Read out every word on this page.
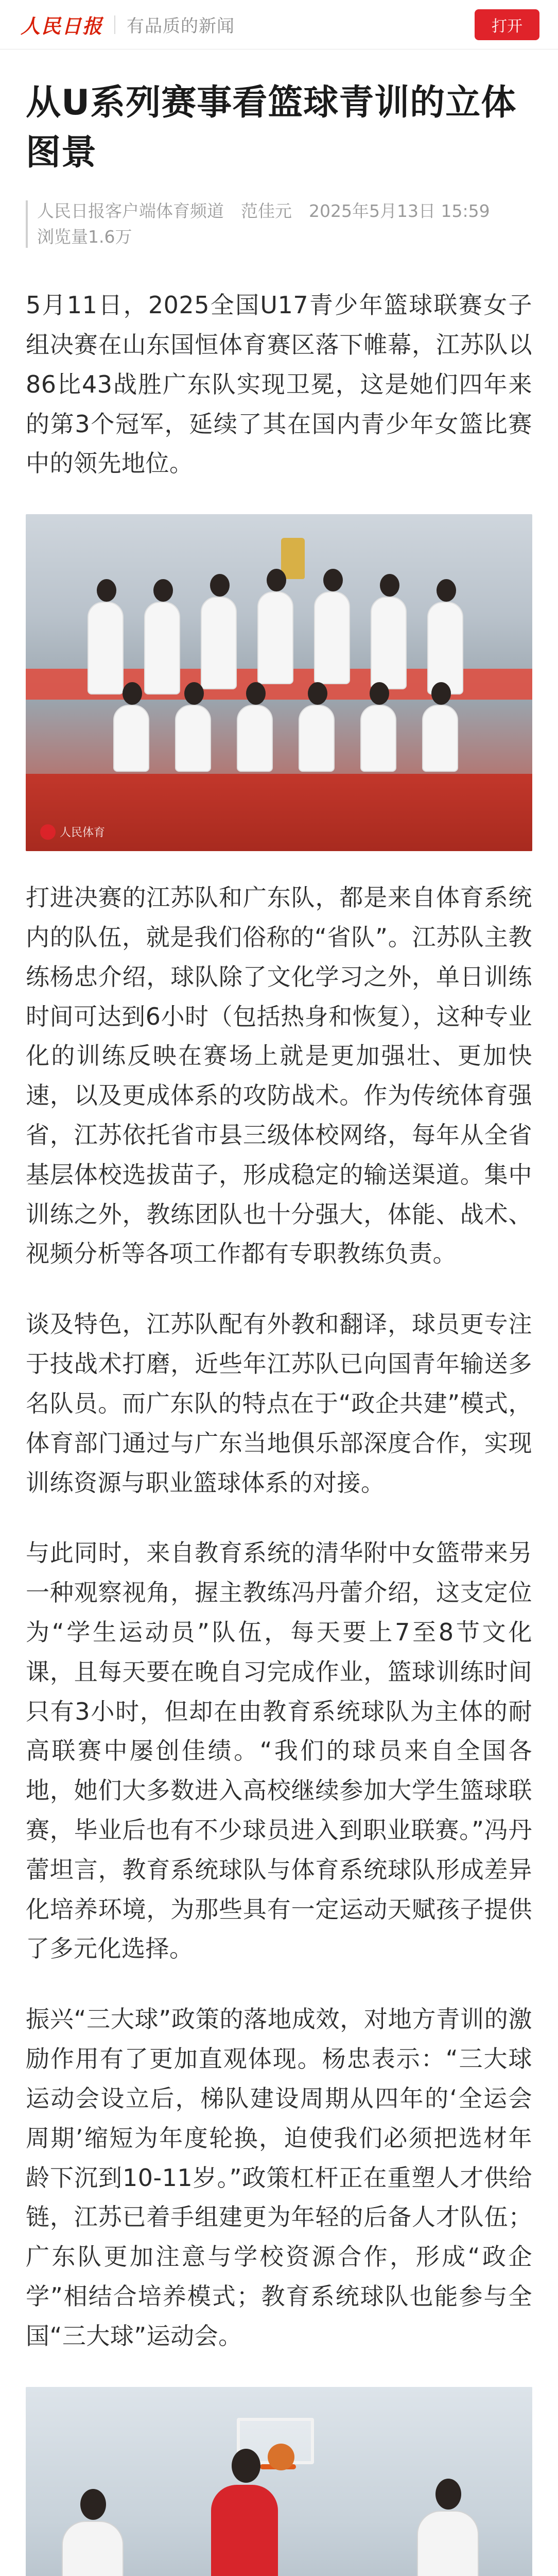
人民日报 有品质的新闻	打开
从U系列赛事看篮球青训的立体图景
人民日报客户端体育频道　范佳元　2025年5月13日 15:59
浏览量1.6万

5月11日，2025全国U17青少年篮球联赛女子组决赛在山东国恒体育赛区落下帷幕，江苏队以86比43战胜广东队实现卫冕，这是她们四年来的第3个冠军，延续了其在国内青少年女篮比赛中的领先地位。

人民体育

打进决赛的江苏队和广东队，都是来自体育系统内的队伍，就是我们俗称的“省队”。江苏队主教练杨忠介绍，球队除了文化学习之外，单日训练时间可达到6小时（包括热身和恢复），这种专业化的训练反映在赛场上就是更加强壮、更加快速，以及更成体系的攻防战术。作为传统体育强省，江苏依托省市县三级体校网络，每年从全省基层体校选拔苗子，形成稳定的输送渠道。集中训练之外，教练团队也十分强大，体能、战术、视频分析等各项工作都有专职教练负责。

谈及特色，江苏队配有外教和翻译，球员更专注于技战术打磨，近些年江苏队已向国青年输送多名队员。而广东队的特点在于“政企共建”模式，体育部门通过与广东当地俱乐部深度合作，实现训练资源与职业篮球体系的对接。

与此同时，来自教育系统的清华附中女篮带来另一种观察视角，握主教练冯丹蕾介绍，这支定位为“学生运动员”队伍，每天要上7至8节文化课，且每天要在晚自习完成作业，篮球训练时间只有3小时，但却在由教育系统球队为主体的耐高联赛中屡创佳绩。“我们的球员来自全国各地，她们大多数进入高校继续参加大学生篮球联赛，毕业后也有不少球员进入到职业联赛。”冯丹蕾坦言，教育系统球队与体育系统球队形成差异化培养环境，为那些具有一定运动天赋孩子提供了多元化选择。

振兴“三大球”政策的落地成效，对地方青训的激励作用有了更加直观体现。杨忠表示：“三大球运动会设立后，梯队建设周期从四年的‘全运会周期’缩短为年度轮换，迫使我们必须把选材年龄下沉到10-11岁。”政策杠杆正在重塑人才供给链，江苏已着手组建更为年轻的后备人才队伍；广东队更加注意与学校资源合作，形成“政企学”相结合培养模式；教育系统球队也能参与全国“三大球”运动会。
